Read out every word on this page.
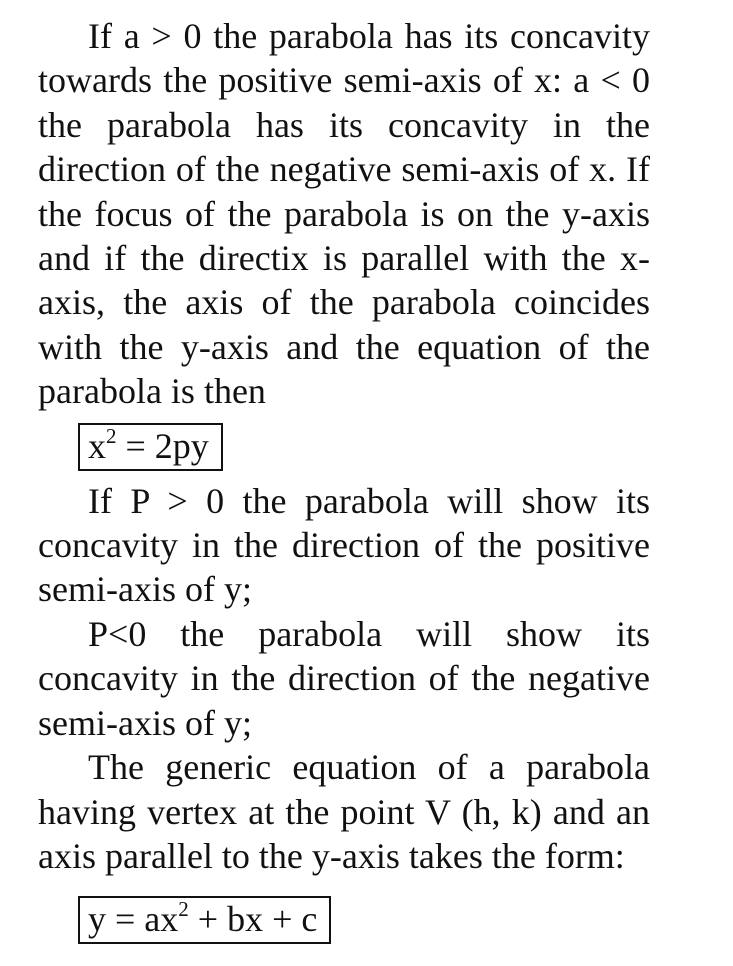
If a > 0 the parabola has its concavity towards the positive semi-axis of x: a < 0 the parabola has its concavity in the direction of the negative semi-axis of x. If the focus of the parabola is on the y-axis and if the directix is parallel with the x-axis, the axis of the parabola coincides with the y-axis and the equation of the parabola is then

$x^2 = 2py$

If P > 0 the parabola will show its concavity in the direction of the positive semi-axis of y;

P<0 the parabola will show its concavity in the direction of the negative semi-axis of y;

The generic equation of a parabola having vertex at the point V (h, k) and an axis parallel to the y-axis takes the form:

$y = ax^2$ + bx + c
